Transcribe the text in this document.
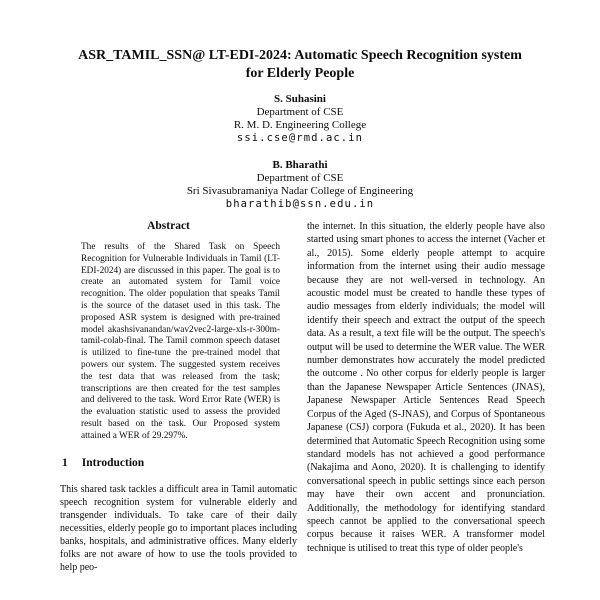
ASR_TAMIL_SSN@ LT-EDI-2024: Automatic Speech Recognition system
for Elderly People
S. Suhasini
Department of CSE
R. M. D. Engineering College
ssi.cse@rmd.ac.in
B. Bharathi
Department of CSE
Sri Sivasubramaniya Nadar College of Engineering
bharathib@ssn.edu.in
Abstract

The results of the Shared Task on Speech Recognition for Vulnerable Individuals in Tamil (LT-EDI-2024) are discussed in this paper. The goal is to create an automated system for Tamil voice recognition. The older population that speaks Tamil is the source of the dataset used in this task. The proposed ASR system is designed with pre-trained model akashsivanandan/wav2vec2-large-xls-r-300m-tamil-colab-final. The Tamil common speech dataset is utilized to fine-tune the pre-trained model that powers our system. The suggested system receives the test data that was released from the task; transcriptions are then created for the test samples and delivered to the task. Word Error Rate (WER) is the evaluation statistic used to assess the provided result based on the task. Our Proposed system attained a WER of 29.297%.

1 Introduction

This shared task tackles a difficult area in Tamil automatic speech recognition system for vulnerable elderly and transgender individuals. To take care of their daily necessities, elderly people go to important places including banks, hospitals, and administrative offices. Many elderly folks are not aware of how to use the tools provided to help peo-

the internet. In this situation, the elderly people have also started using smart phones to access the internet (Vacher et al., 2015). Some elderly people attempt to acquire information from the internet using their audio message because they are not well-versed in technology. An acoustic model must be created to handle these types of audio messages from elderly individuals; the model will identify their speech and extract the output of the speech data. As a result, a text file will be the output. The speech's output will be used to determine the WER value. The WER number demonstrates how accurately the model predicted the outcome . No other corpus for elderly people is larger than the Japanese Newspaper Article Sentences (JNAS), Japanese Newspaper Article Sentences Read Speech Corpus of the Aged (S-JNAS), and Corpus of Spontaneous Japanese (CSJ) corpora (Fukuda et al., 2020). It has been determined that Automatic Speech Recognition using some standard models has not achieved a good performance (Nakajima and Aono, 2020). It is challenging to identify conversational speech in public settings since each person may have their own accent and pronunciation. Additionally, the methodology for identifying standard speech cannot be applied to the conversational speech corpus because it raises WER. A transformer model technique is utilised to treat this type of older people's
